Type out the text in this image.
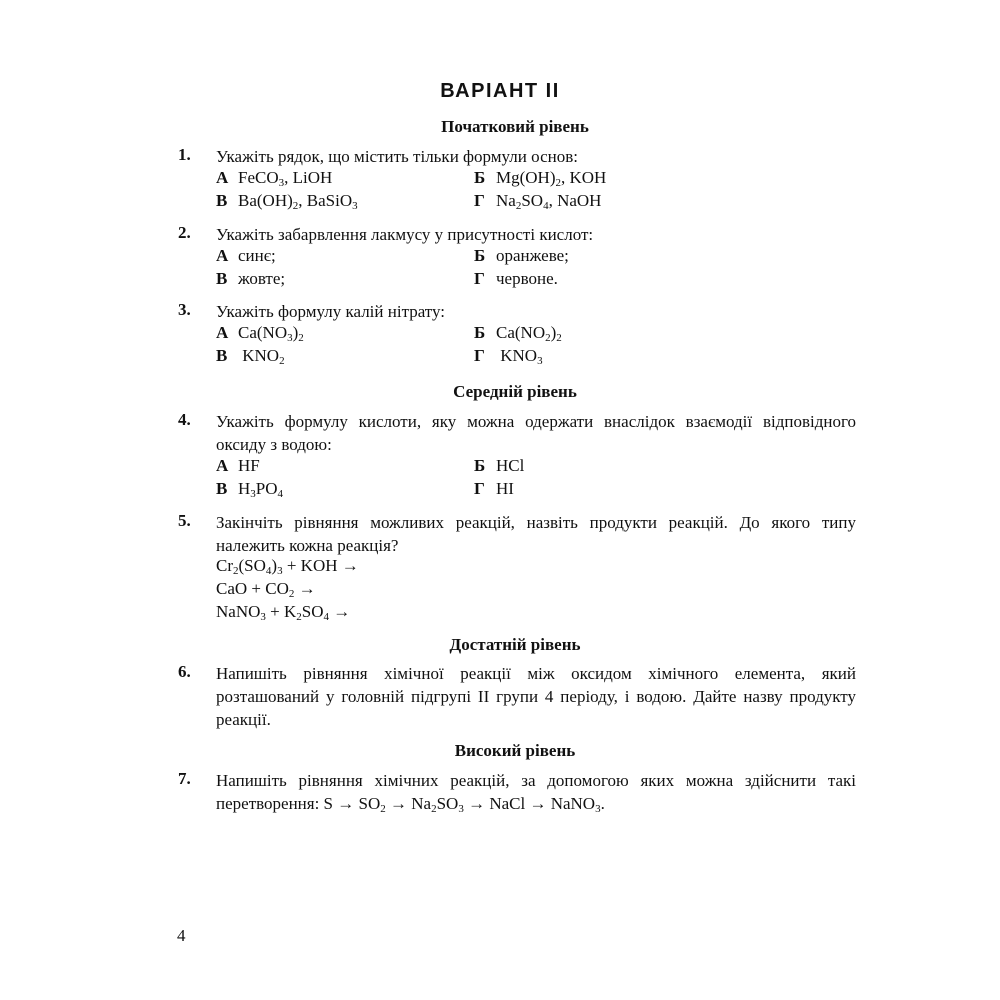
ВАРІАНТ II
Початковий рівень
1. Укажіть рядок, що містить тільки формули основ:
А FeCO$_3$, LiOH	Б $Mg(OH)_2$, KOH
В $Ba(OH)_2$, BaSiO$_3$	Г $Na_2SO_4$, NaOH
2. Укажіть забарвлення лакмусу у присутності кислот:
А синє;	Б оранжеве;
В жовте;	Г червоне.
3. Укажіть формулу калій нітрату:
А $Ca(NO_3)_2$	Б $Ca(NO_2)_2$
В $KNO_2$	Г $KNO_3$
Середній рівень
4. Укажіть формулу кислоти, яку можна одержати внаслідок взаємодії відповідного оксиду з водою:
А HF	Б HCl
В $H_3PO_4$	Г HI
5. Закінчіть рівняння можливих реакцій, назвіть продукти реакцій. До якого типу належить кожна реакція?
$Cr_2(SO_4)_3$ + KOH →
CaO + $CO_2$ →
NaNO$_3$ + $K_2SO_4$ →
Достатній рівень
6. Напишіть рівняння хімічної реакції між оксидом хімічного елемента, який розташований у головній підгрупі II групи 4 періоду, і водою. Дайте назву продукту реакції.
Високий рівень
7. Напишіть рівняння хімічних реакцій, за допомогою яких можна здійснити такі перетворення: $S \to SO_2 \to Na_2SO_3$ → NaCl → NaNO$_3$.
4
